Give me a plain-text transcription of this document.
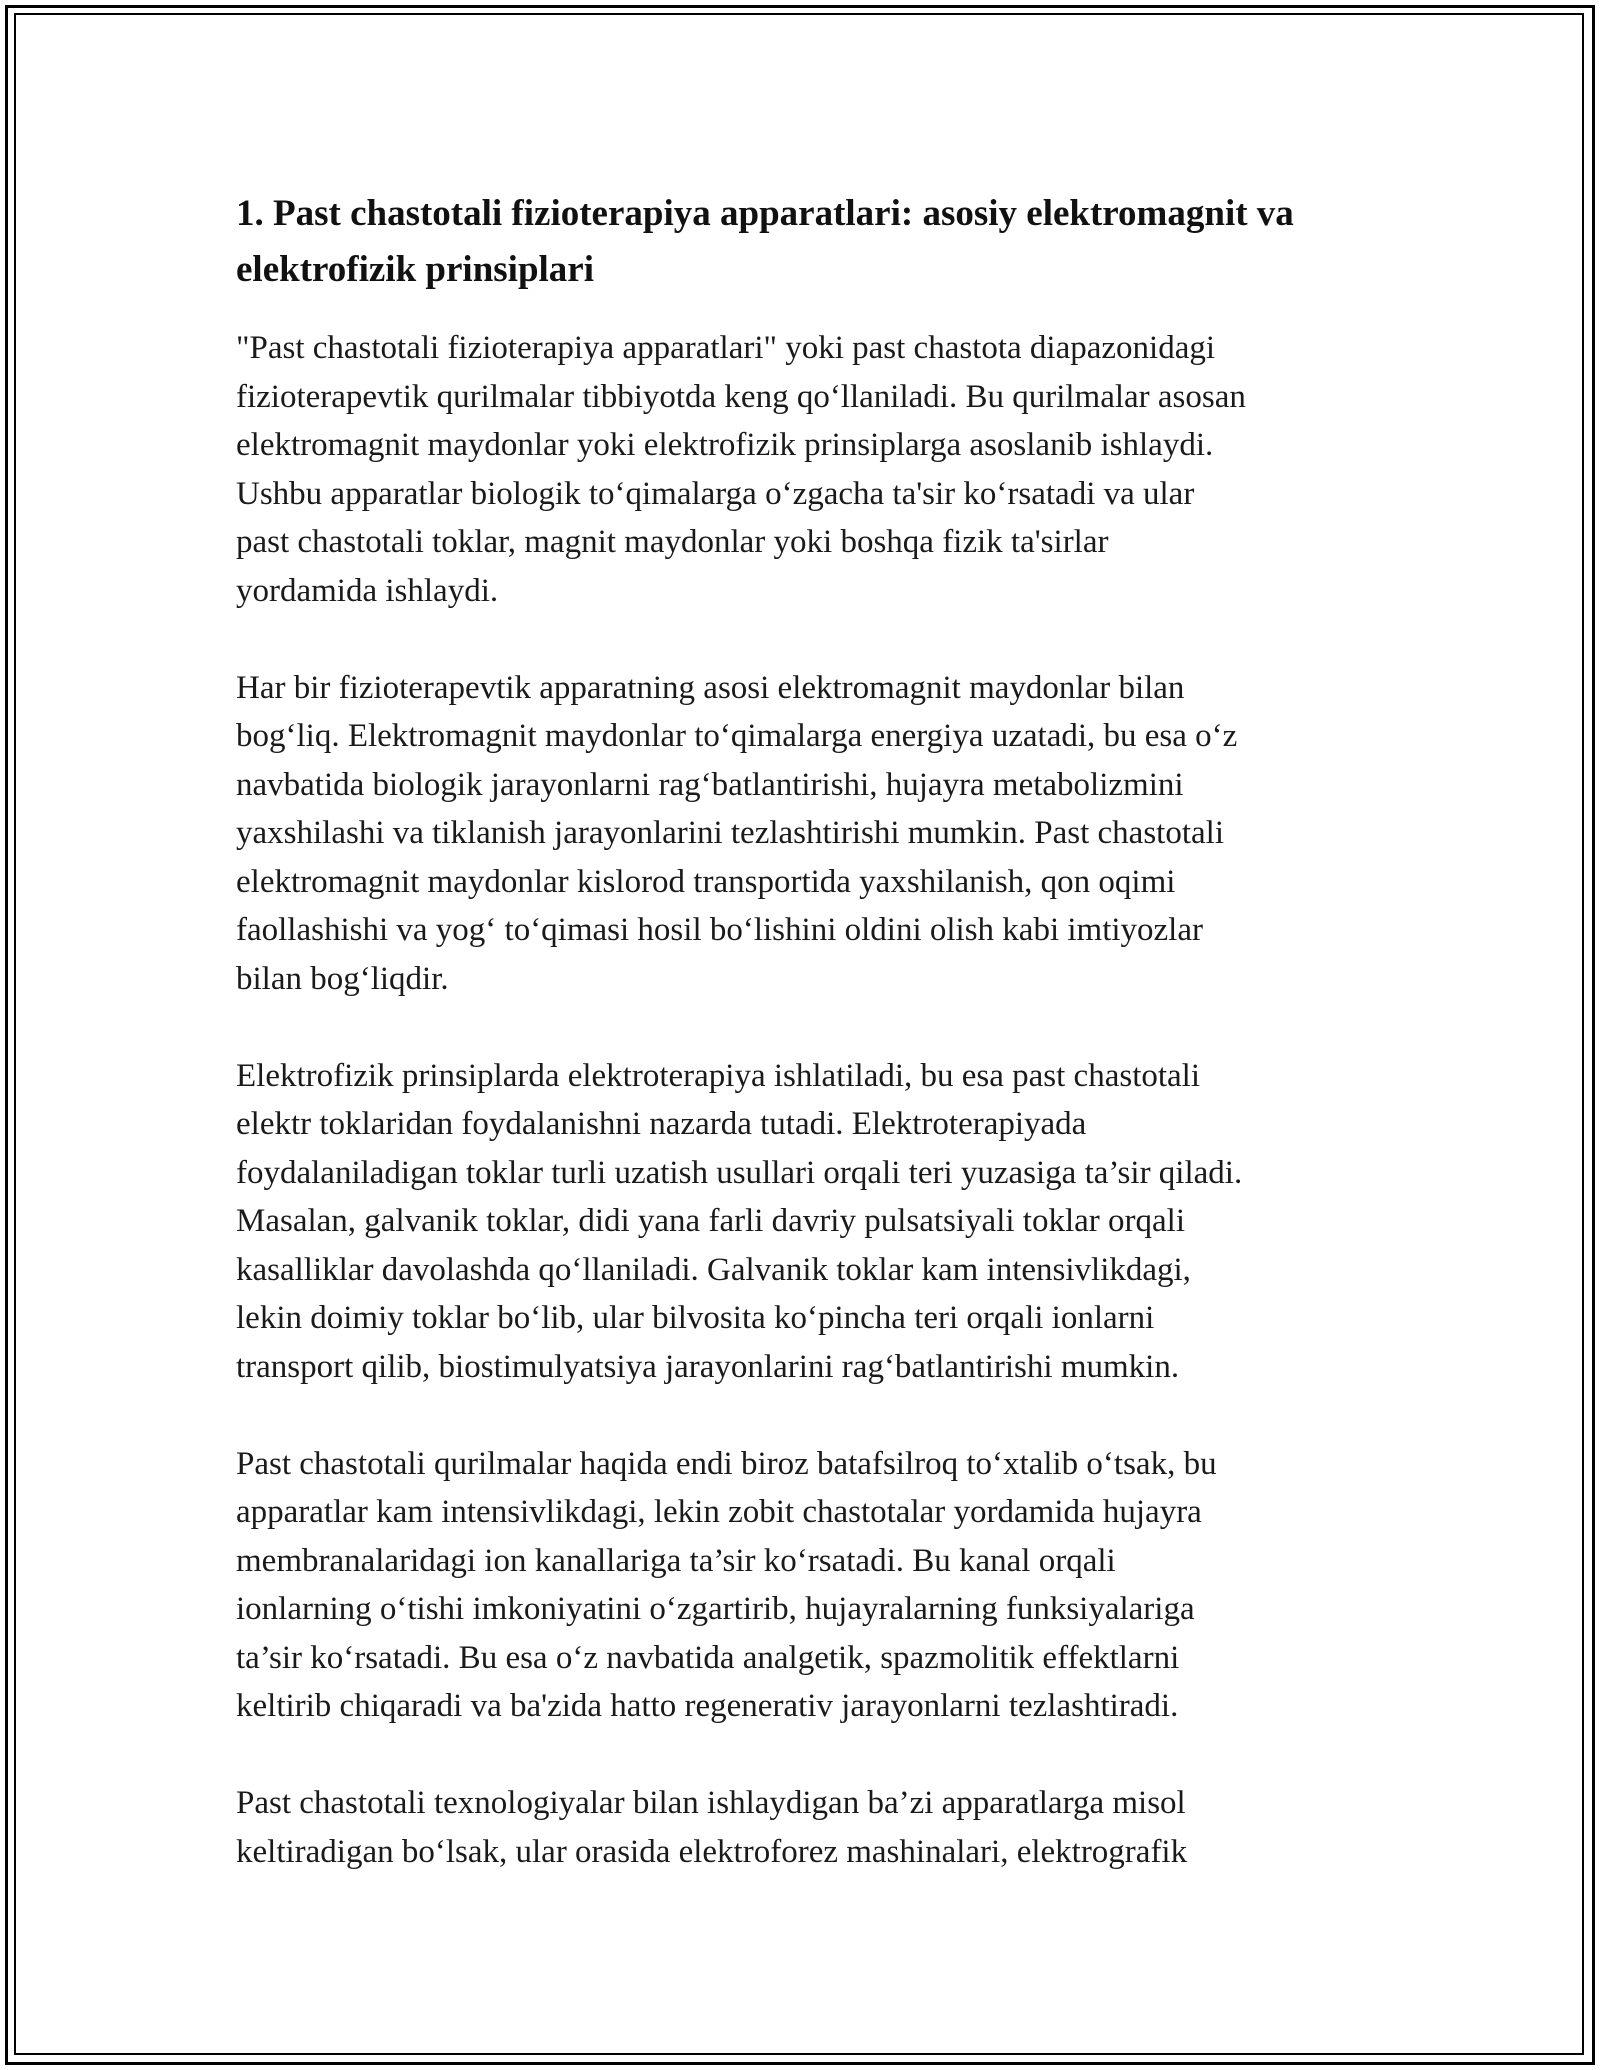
1. Past chastotali fizioterapiya apparatlari: asosiy elektromagnit va elektrofizik prinsiplari

"Past chastotali fizioterapiya apparatlari" yoki past chastota diapazonidagi
fizioterapevtik qurilmalar tibbiyotda keng qo‘llaniladi. Bu qurilmalar asosan
elektromagnit maydonlar yoki elektrofizik prinsiplarga asoslanib ishlaydi.
Ushbu apparatlar biologik to‘qimalarga o‘zgacha ta'sir ko‘rsatadi va ular
past chastotali toklar, magnit maydonlar yoki boshqa fizik ta'sirlar
yordamida ishlaydi.

Har bir fizioterapevtik apparatning asosi elektromagnit maydonlar bilan
bog‘liq. Elektromagnit maydonlar to‘qimalarga energiya uzatadi, bu esa o‘z
navbatida biologik jarayonlarni rag‘batlantirishi, hujayra metabolizmini
yaxshilashi va tiklanish jarayonlarini tezlashtirishi mumkin. Past chastotali
elektromagnit maydonlar kislorod transportida yaxshilanish, qon oqimi
faollashishi va yog‘ to‘qimasi hosil bo‘lishini oldini olish kabi imtiyozlar
bilan bog‘liqdir.

Elektrofizik prinsiplarda elektroterapiya ishlatiladi, bu esa past chastotali
elektr toklaridan foydalanishni nazarda tutadi. Elektroterapiyada
foydalaniladigan toklar turli uzatish usullari orqali teri yuzasiga ta’sir qiladi.
Masalan, galvanik toklar, didi yana farli davriy pulsatsiyali toklar orqali
kasalliklar davolashda qo‘llaniladi. Galvanik toklar kam intensivlikdagi,
lekin doimiy toklar bo‘lib, ular bilvosita ko‘pincha teri orqali ionlarni
transport qilib, biostimulyatsiya jarayonlarini rag‘batlantirishi mumkin.

Past chastotali qurilmalar haqida endi biroz batafsilroq to‘xtalib o‘tsak, bu
apparatlar kam intensivlikdagi, lekin zobit chastotalar yordamida hujayra
membranalaridagi ion kanallariga ta’sir ko‘rsatadi. Bu kanal orqali
ionlarning o‘tishi imkoniyatini o‘zgartirib, hujayralarning funksiyalariga
ta’sir ko‘rsatadi. Bu esa o‘z navbatida analgetik, spazmolitik effektlarni
keltirib chiqaradi va ba'zida hatto regenerativ jarayonlarni tezlashtiradi.

Past chastotali texnologiyalar bilan ishlaydigan ba’zi apparatlarga misol
keltiradigan bo‘lsak, ular orasida elektroforez mashinalari, elektrografik
